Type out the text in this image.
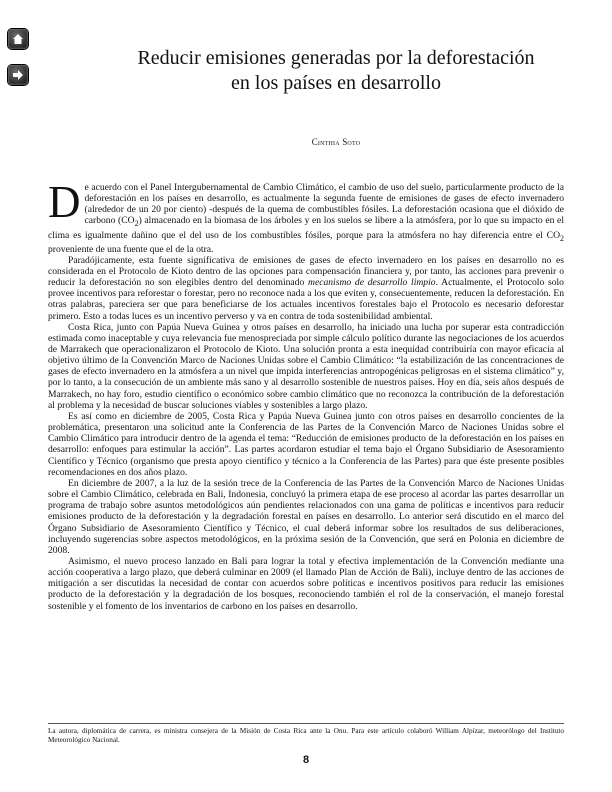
Reducir emisiones generadas por la deforestación
en los países en desarrollo
Cinthia Soto

De acuerdo con el Panel Intergubernamental de Cambio Climático, el cambio de uso del suelo, particularmente producto de la deforestación en los países en desarrollo, es actualmente la segunda fuente de emisiones de gases de efecto invernadero (alrededor de un 20 por ciento) -después de la quema de combustibles fósiles. La deforestación ocasiona que el dióxido de carbono $(CO_2)$ almacenado en la biomasa de los árboles y en los suelos se libere a la atmósfera, por lo que su impacto en el clima es igualmente dañino que el del uso de los combustibles fósiles, porque para la atmósfera no hay diferencia entre el $CO_2$ proveniente de una fuente que el de la otra.

Paradójicamente, esta fuente significativa de emisiones de gases de efecto invernadero en los países en desarrollo no es considerada en el Protocolo de Kioto dentro de las opciones para compensación financiera y, por tanto, las acciones para prevenir o reducir la deforestación no son elegibles dentro del denominado mecanismo de desarrollo limpio. Actualmente, el Protocolo solo provee incentivos para reforestar o forestar, pero no reconoce nada a los que eviten y, consecuentemente, reducen la deforestación. En otras palabras, pareciera ser que para beneficiarse de los actuales incentivos forestales bajo el Protocolo es necesario deforestar primero. Esto a todas luces es un incentivo perverso y va en contra de toda sostenibilidad ambiental.

Costa Rica, junto con Papúa Nueva Guinea y otros países en desarrollo, ha iniciado una lucha por superar esta contradicción estimada como inaceptable y cuya relevancia fue menospreciada por simple cálculo político durante las negociaciones de los acuerdos de Marrakech que operacionalizaron el Protocolo de Kioto. Una solución pronta a esta inequidad contribuiría con mayor eficacia al objetivo último de la Convención Marco de Naciones Unidas sobre el Cambio Climático: “la estabilización de las concentraciones de gases de efecto invernadero en la atmósfera a un nivel que impida interferencias antropogénicas peligrosas en el sistema climático” y, por lo tanto, a la consecución de un ambiente más sano y al desarrollo sostenible de nuestros países. Hoy en día, seis años después de Marrakech, no hay foro, estudio científico o económico sobre cambio climático que no reconozca la contribución de la deforestación al problema y la necesidad de buscar soluciones viables y sostenibles a largo plazo.

Es así como en diciembre de 2005, Costa Rica y Papúa Nueva Guinea junto con otros países en desarrollo concientes de la problemática, presentaron una solicitud ante la Conferencia de las Partes de la Convención Marco de Naciones Unidas sobre el Cambio Climático para introducir dentro de la agenda el tema: “Reducción de emisiones producto de la deforestación en los países en desarrollo: enfoques para estimular la acción”. Las partes acordaron estudiar el tema bajo el Órgano Subsidiario de Asesoramiento Científico y Técnico (organismo que presta apoyo científico y técnico a la Conferencia de las Partes) para que éste presente posibles recomendaciones en dos años plazo.

En diciembre de 2007, a la luz de la sesión trece de la Conferencia de las Partes de la Convención Marco de Naciones Unidas sobre el Cambio Climático, celebrada en Bali, Indonesia, concluyó la primera etapa de ese proceso al acordar las partes desarrollar un programa de trabajo sobre asuntos metodológicos aún pendientes relacionados con una gama de políticas e incentivos para reducir emisiones producto de la deforestación y la degradación forestal en países en desarrollo. Lo anterior será discutido en el marco del Órgano Subsidiario de Asesoramiento Científico y Técnico, el cual deberá informar sobre los resultados de sus deliberaciones, incluyendo sugerencias sobre aspectos metodológicos, en la próxima sesión de la Convención, que será en Polonia en diciembre de 2008.

Asimismo, el nuevo proceso lanzado en Bali para lograr la total y efectiva implementación de la Convención mediante una acción cooperativa a largo plazo, que deberá culminar en 2009 (el llamado Plan de Acción de Bali), incluye dentro de las acciones de mitigación a ser discutidas la necesidad de contar con acuerdos sobre políticas e incentivos positivos para reducir las emisiones producto de la deforestación y la degradación de los bosques, reconociendo también el rol de la conservación, el manejo forestal sostenible y el fomento de los inventarios de carbono en los países en desarrollo.

La autora, diplomática de carrera, es ministra consejera de la Misión de Costa Rica ante la Onu. Para este artículo colaboró William Alpízar, meteorólogo del Instituto Meteorológico Nacional.
8
